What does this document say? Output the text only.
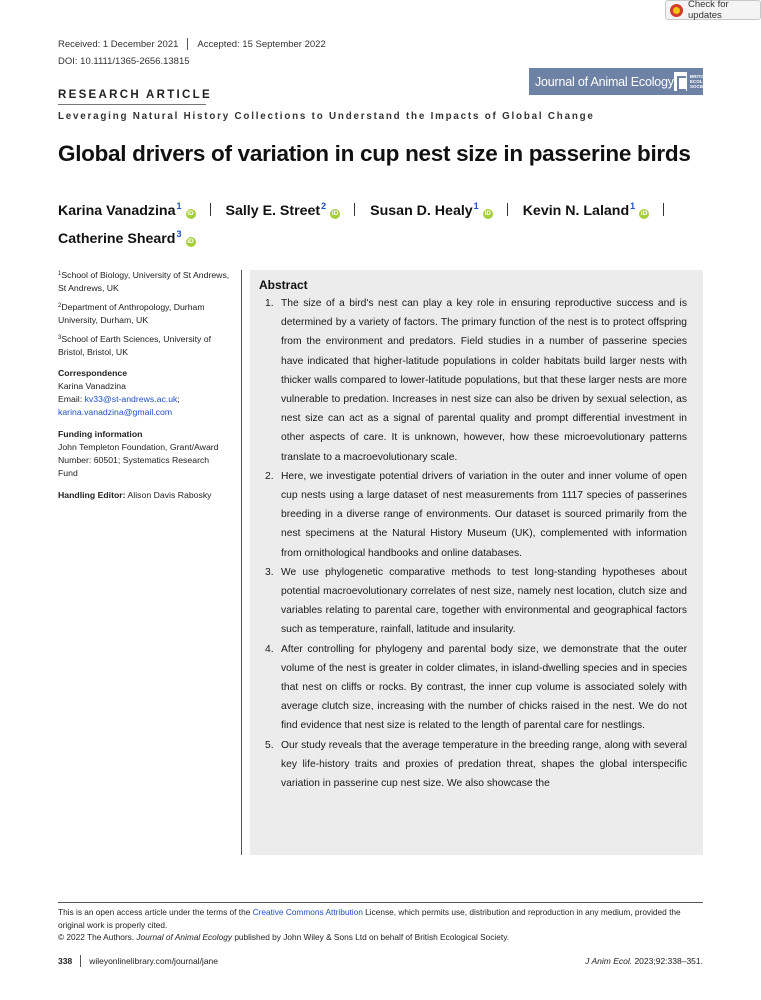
Check for updates
Received: 1 December 2021 Accepted: 15 September 2022
DOI: 10.1111/1365-2656.13815
Journal of Animal Ecology	BRITISH
ECOLOGICAL
SOCIETY
RESEARCH ARTICLE
Leveraging Natural History Collections to Understand the Impacts of Global Change
Global drivers of variation in cup nest size in passerine birds
Karina Vanadzina$^1$iD Sally E. Street$^2$iD Susan D. Healy$^1$iD Kevin N. Laland$^1$iD
Catherine Sheard$^3$iD
$^1$School of Biology, University of St Andrews, St Andrews, UK
$^2$Department of Anthropology, Durham University, Durham, UK
$^3$School of Earth Sciences, University of Bristol, Bristol, UK
Correspondence
Karina Vanadzina
Email: kv33@st-andrews.ac.uk; karina.vanadzina@gmail.com
Funding information
John Templeton Foundation, Grant/Award Number: 60501; Systematics Research Fund
Handling Editor: Alison Davis Rabosky
Abstract
1. The size of a bird's nest can play a key role in ensuring reproductive success and is determined by a variety of factors. The primary function of the nest is to protect offspring from the environment and predators. Field studies in a number of passerine species have indicated that higher-latitude populations in colder habitats build larger nests with thicker walls compared to lower-latitude populations, but that these larger nests are more vulnerable to predation. Increases in nest size can also be driven by sexual selection, as nest size can act as a signal of parental quality and prompt differential investment in other aspects of care. It is unknown, however, how these microevolutionary patterns translate to a macroevolutionary scale.
2. Here, we investigate potential drivers of variation in the outer and inner volume of open cup nests using a large dataset of nest measurements from 1117 species of passerines breeding in a diverse range of environments. Our dataset is sourced primarily from the nest specimens at the Natural History Museum (UK), complemented with information from ornithological handbooks and online databases.
3. We use phylogenetic comparative methods to test long-standing hypotheses about potential macroevolutionary correlates of nest size, namely nest location, clutch size and variables relating to parental care, together with environmental and geographical factors such as temperature, rainfall, latitude and insularity.
4. After controlling for phylogeny and parental body size, we demonstrate that the outer volume of the nest is greater in colder climates, in island-dwelling species and in species that nest on cliffs or rocks. By contrast, the inner cup volume is associated solely with average clutch size, increasing with the number of chicks raised in the nest. We do not find evidence that nest size is related to the length of parental care for nestlings.
5. Our study reveals that the average temperature in the breeding range, along with several key life-history traits and proxies of predation threat, shapes the global interspecific variation in passerine cup nest size. We also showcase the
This is an open access article under the terms of the Creative Commons Attribution License, which permits use, distribution and reproduction in any medium, provided the original work is properly cited.
© 2022 The Authors. Journal of Animal Ecology published by John Wiley & Sons Ltd on behalf of British Ecological Society.
338 wileyonlinelibrary.com/journal/jane	J Anim Ecol. 2023;92:338–351.
